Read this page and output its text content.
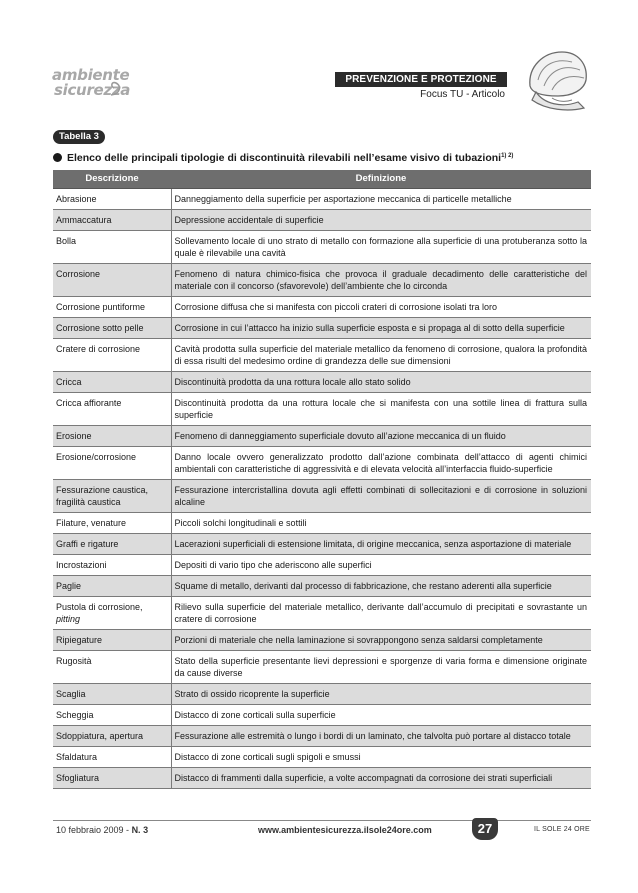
ambiente
sicurezza
PREVENZIONE E PROTEZIONE
Focus TU - Articolo
Tabella 3
Elenco delle principali tipologie di discontinuità rilevabili nell’esame visivo di tubazioni$^{1) 2)}$
Descrizione	Definizione
Abrasione	Danneggiamento della superficie per asportazione meccanica di particelle metalliche
Ammaccatura	Depressione accidentale di superficie
Bolla	Sollevamento locale di uno strato di metallo con formazione alla superficie di una protuberanza sotto la quale è rilevabile una cavità
Corrosione	Fenomeno di natura chimico-fisica che provoca il graduale decadimento delle caratteristiche del materiale con il concorso (sfavorevole) dell’ambiente che lo circonda
Corrosione puntiforme	Corrosione diffusa che si manifesta con piccoli crateri di corrosione isolati tra loro
Corrosione sotto pelle	Corrosione in cui l’attacco ha inizio sulla superficie esposta e si propaga al di sotto della superficie
Cratere di corrosione	Cavità prodotta sulla superficie del materiale metallico da fenomeno di corrosione, qualora la profondità di essa risulti del medesimo ordine di grandezza delle sue dimensioni
Cricca	Discontinuità prodotta da una rottura locale allo stato solido
Cricca affiorante	Discontinuità prodotta da una rottura locale che si manifesta con una sottile linea di frattura sulla superficie
Erosione	Fenomeno di danneggiamento superficiale dovuto all’azione meccanica di un fluido
Erosione/corrosione	Danno locale ovvero generalizzato prodotto dall’azione combinata dell’attacco di agenti chimici ambientali con caratteristiche di aggressività e di elevata velocità all’interfaccia fluido-superficie
Fessurazione caustica, fragilità caustica	Fessurazione intercristallina dovuta agli effetti combinati di sollecitazioni e di corrosione in soluzioni alcaline
Filature, venature	Piccoli solchi longitudinali e sottili
Graffi e rigature	Lacerazioni superficiali di estensione limitata, di origine meccanica, senza asportazione di materiale
Incrostazioni	Depositi di vario tipo che aderiscono alle superfici
Paglie	Squame di metallo, derivanti dal processo di fabbricazione, che restano aderenti alla superficie
Pustola di corrosione,
pitting	Rilievo sulla superficie del materiale metallico, derivante dall’accumulo di precipitati e sovrastante un cratere di corrosione
Ripiegature	Porzioni di materiale che nella laminazione si sovrappongono senza saldarsi completamente
Rugosità	Stato della superficie presentante lievi depressioni e sporgenze di varia forma e dimensione originate da cause diverse
Scaglia	Strato di ossido ricoprente la superficie
Scheggia	Distacco di zone corticali sulla superficie
Sdoppiatura, apertura	Fessurazione alle estremità o lungo i bordi di un laminato, che talvolta può portare al distacco totale
Sfaldatura	Distacco di zone corticali sugli spigoli e smussi
Sfogliatura	Distacco di frammenti dalla superficie, a volte accompagnati da corrosione dei strati superficiali
10 febbraio 2009 - N. 3	www.ambientesicurezza.ilsole24ore.com	27	IL SOLE 24 ORE
